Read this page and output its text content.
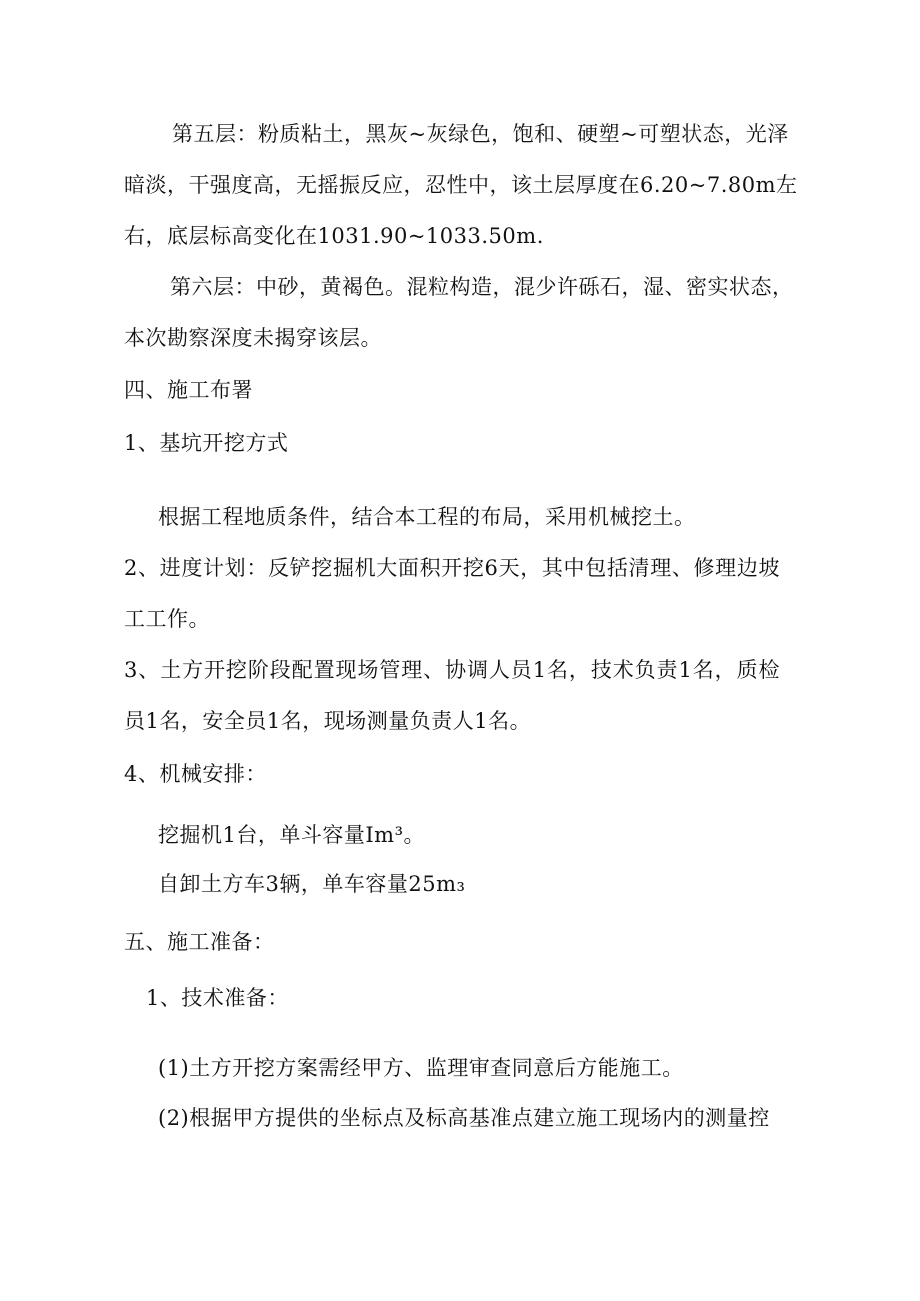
第五层：粉质粘土，黑灰~灰绿色，饱和、硬塑~可塑状态，光泽
暗淡，干强度高，无摇振反应，忍性中，该土层厚度在6.20~7.80m左
右，底层标高变化在1031.90~1033.50m.
第六层：中砂，黄褐色。混粒构造，混少许砾石，湿、密实状态，
本次勘察深度未揭穿该层。
四、施工布署
1、基坑开挖方式
根据工程地质条件，结合本工程的布局，采用机械挖土。
2、进度计划：反铲挖掘机大面积开挖6天，其中包括清理、修理边坡
工工作。
3、土方开挖阶段配置现场管理、协调人员1名，技术负责1名，质检
员1名，安全员1名，现场测量负责人1名。
4、机械安排：
挖掘机1台，单斗容量Im³。
自卸土方车3辆，单车容量25m₃
五、施工准备：
1、技术准备：
(1)土方开挖方案需经甲方、监理审查同意后方能施工。
(2)根据甲方提供的坐标点及标高基准点建立施工现场内的测量控
